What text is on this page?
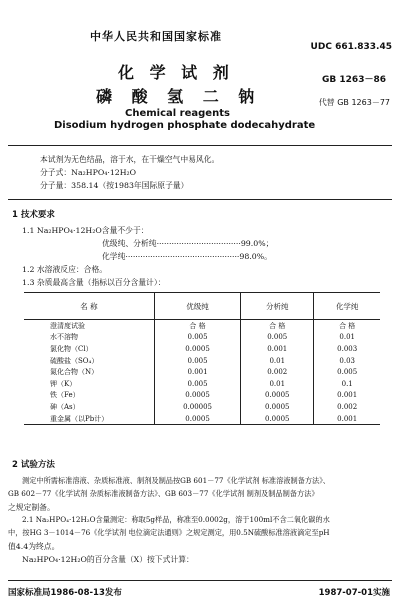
中华人民共和国国家标准
UDC 661.833.45
化 学 试 剂	GB 1263－86
磷 酸 氢 二 钠	代替 GB 1263－77
Chemical reagents
Disodium hydrogen phosphate dodecahydrate
本试剂为无色结晶，溶于水，在干燥空气中易风化。
分子式：Na₂HPO₄·12H₂O
分子量：358.14（按1983年国际原子量）
1 技术要求
1.1 Na₂HPO₄·12H₂O含量不少于：
优级纯、分析纯··································99.0%；
化学纯··············································98.0%。
1.2 水溶液反应：合格。
1.3 杂质最高含量（指标以百分含量计）：
名 称	优级纯	分析纯	化学纯
澄清度试验	合 格	合 格	合 格
水不溶物	0.005	0.005	0.01
氯化物（Cl）	0.0005	0.001	0.003
硫酸盐（SO₄）	0.005	0.01	0.03
氮化合物（N）	0.001	0.002	0.005
钾（K）	0.005	0.01	0.1
铁（Fe）	0.0005	0.0005	0.001
砷（As）	0.00005	0.0005	0.002
重金属（以Pb计）	0.0005	0.0005	0.001
2 试验方法
测定中所需标准溶液、杂质标准液、制剂及制品按GB 601－77《化学试剂 标准溶液制备方法》、
GB 602－77《化学试剂 杂质标准液制备方法》、GB 603－77《化学试剂 制剂及制品制备方法》
之规定制备。
2.1 Na₂HPO₄·12H₂O含量测定：称取5g样品，称准至0.0002g，溶于100ml不含二氧化碳的水
中，按HG 3－1014－76《化学试剂 电位滴定法通则》之规定测定，用0.5N硫酸标准溶液滴定至pH
值4.4为终点。
Na₂HPO₄·12H₂O的百分含量（X）按下式计算：
国家标准局1986-08-13发布	1987-07-01实施
